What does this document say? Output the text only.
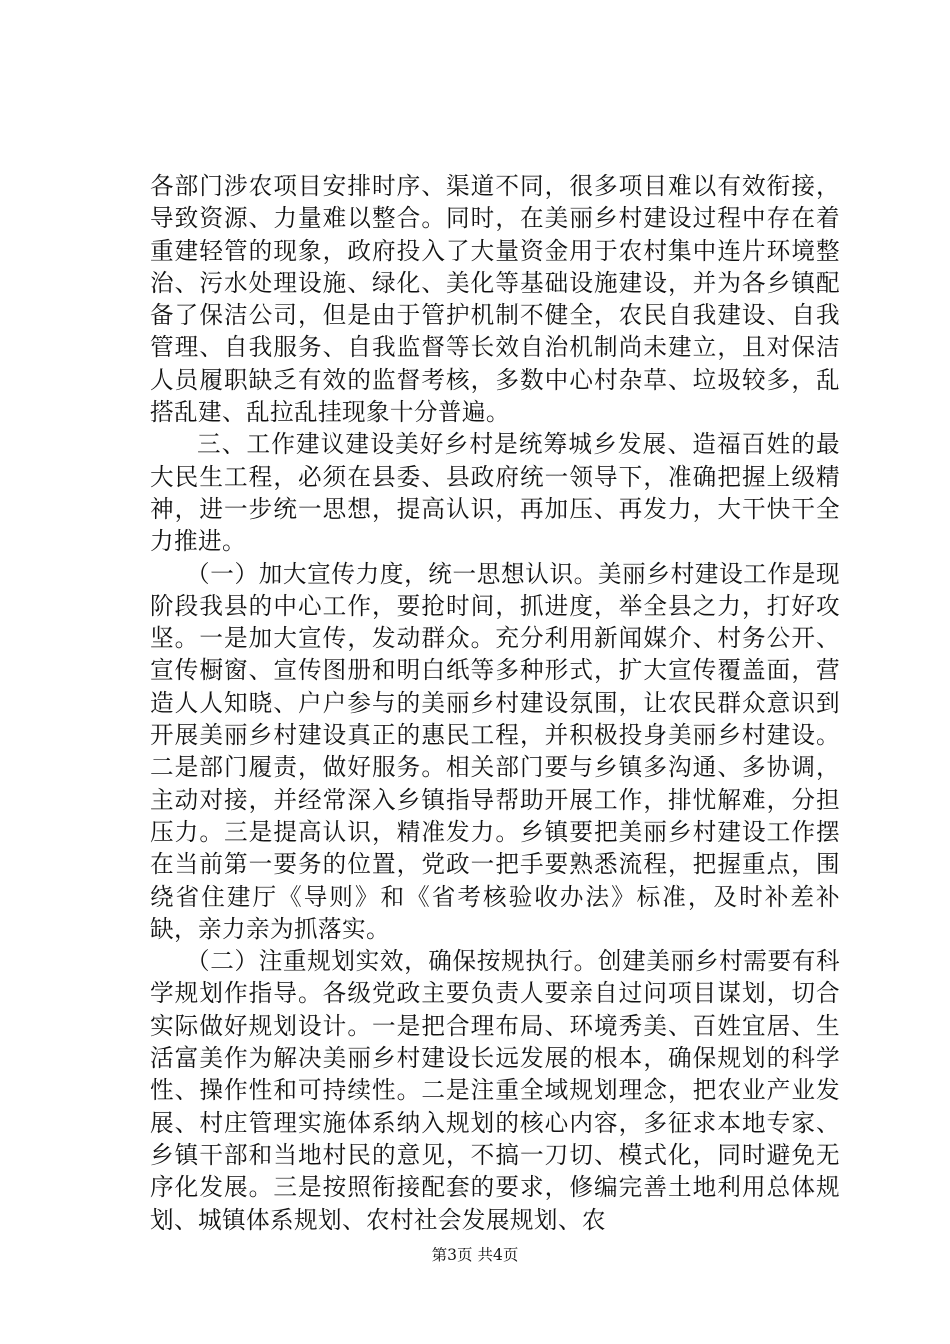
各部门涉农项目安排时序、渠道不同，很多项目难以有效衔接，导致资源、力量难以整合。同时，在美丽乡村建设过程中存在着重建轻管的现象，政府投入了大量资金用于农村集中连片环境整治、污水处理设施、绿化、美化等基础设施建设，并为各乡镇配备了保洁公司，但是由于管护机制不健全，农民自我建设、自我管理、自我服务、自我监督等长效自治机制尚未建立，且对保洁人员履职缺乏有效的监督考核，多数中心村杂草、垃圾较多，乱搭乱建、乱拉乱挂现象十分普遍。

三、工作建议建设美好乡村是统筹城乡发展、造福百姓的最大民生工程，必须在县委、县政府统一领导下，准确把握上级精神，进一步统一思想，提高认识，再加压、再发力，大干快干全力推进。

（一）加大宣传力度，统一思想认识。美丽乡村建设工作是现阶段我县的中心工作，要抢时间，抓进度，举全县之力，打好攻坚。一是加大宣传，发动群众。充分利用新闻媒介、村务公开、宣传橱窗、宣传图册和明白纸等多种形式，扩大宣传覆盖面，营造人人知晓、户户参与的美丽乡村建设氛围，让农民群众意识到开展美丽乡村建设真正的惠民工程，并积极投身美丽乡村建设。二是部门履责，做好服务。相关部门要与乡镇多沟通、多协调，主动对接，并经常深入乡镇指导帮助开展工作，排忧解难，分担压力。三是提高认识，精准发力。乡镇要把美丽乡村建设工作摆在当前第一要务的位置，党政一把手要熟悉流程，把握重点，围绕省住建厅《导则》和《省考核验收办法》标准，及时补差补缺，亲力亲为抓落实。

（二）注重规划实效，确保按规执行。创建美丽乡村需要有科学规划作指导。各级党政主要负责人要亲自过问项目谋划，切合实际做好规划设计。一是把合理布局、环境秀美、百姓宜居、生活富美作为解决美丽乡村建设长远发展的根本，确保规划的科学性、操作性和可持续性。二是注重全域规划理念，把农业产业发展、村庄管理实施体系纳入规划的核心内容，多征求本地专家、乡镇干部和当地村民的意见，不搞一刀切、模式化，同时避免无序化发展。三是按照衔接配套的要求，修编完善土地利用总体规划、城镇体系规划、农村社会发展规划、农

第3页 共4页
